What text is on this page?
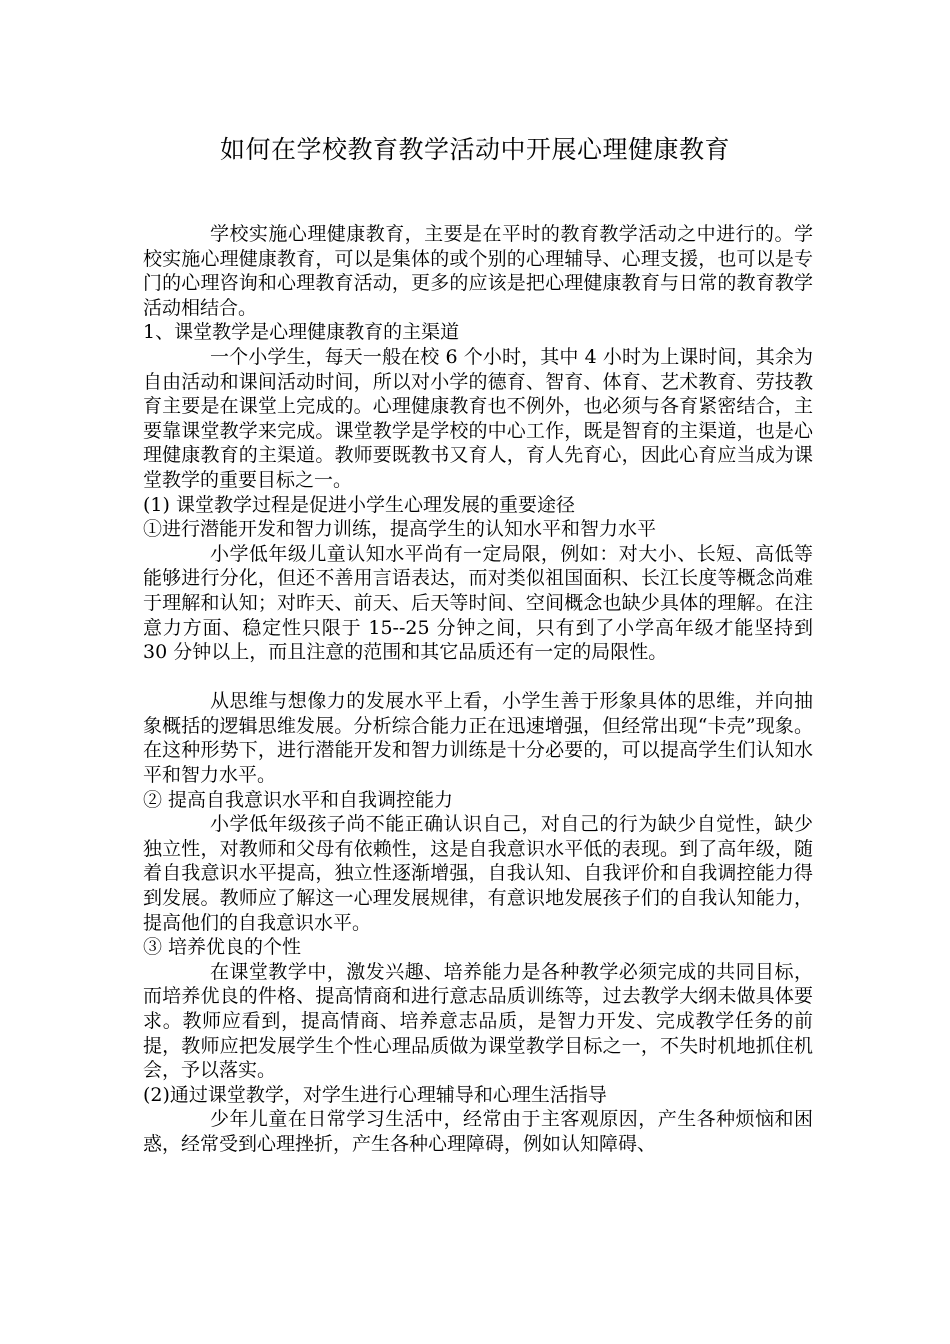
如何在学校教育教学活动中开展心理健康教育

学校实施心理健康教育，主要是在平时的教育教学活动之中进行的。学校实施心理健康教育，可以是集体的或个别的心理辅导、心理支援，也可以是专门的心理咨询和心理教育活动，更多的应该是把心理健康教育与日常的教育教学活动相结合。

1、课堂教学是心理健康教育的主渠道

一个小学生，每天一般在校 6 个小时，其中 4 小时为上课时间，其余为自由活动和课间活动时间，所以对小学的德育、智育、体育、艺术教育、劳技教育主要是在课堂上完成的。心理健康教育也不例外，也必须与各育紧密结合，主要靠课堂教学来完成。课堂教学是学校的中心工作，既是智育的主渠道，也是心理健康教育的主渠道。教师要既教书又育人，育人先育心，因此心育应当成为课堂教学的重要目标之一。

(1) 课堂教学过程是促进小学生心理发展的重要途径

①进行潜能开发和智力训练，提高学生的认知水平和智力水平

小学低年级儿童认知水平尚有一定局限，例如：对大小、长短、高低等能够进行分化，但还不善用言语表达，而对类似祖国面积、长江长度等概念尚难于理解和认知；对昨天、前天、后天等时间、空间概念也缺少具体的理解。在注意力方面、稳定性只限于 15--25 分钟之间，只有到了小学高年级才能坚持到 30 分钟以上，而且注意的范围和其它品质还有一定的局限性。

从思维与想像力的发展水平上看，小学生善于形象具体的思维，并向抽象概括的逻辑思维发展。分析综合能力正在迅速增强，但经常出现“卡壳”现象。在这种形势下，进行潜能开发和智力训练是十分必要的，可以提高学生们认知水平和智力水平。

② 提高自我意识水平和自我调控能力

小学低年级孩子尚不能正确认识自己，对自己的行为缺少自觉性，缺少独立性，对教师和父母有依赖性，这是自我意识水平低的表现。到了高年级，随着自我意识水平提高，独立性逐渐增强，自我认知、自我评价和自我调控能力得到发展。教师应了解这一心理发展规律，有意识地发展孩子们的自我认知能力，提高他们的自我意识水平。

③ 培养优良的个性

在课堂教学中，激发兴趣、培养能力是各种教学必须完成的共同目标，而培养优良的件格、提高情商和进行意志品质训练等，过去教学大纲未做具体要求。教师应看到，提高情商、培养意志品质，是智力开发、完成教学任务的前提，教师应把发展学生个性心理品质做为课堂教学目标之一，不失时机地抓住机会，予以落实。

(2)通过课堂教学，对学生进行心理辅导和心理生活指导

少年儿童在日常学习生活中，经常由于主客观原因，产生各种烦恼和困惑，经常受到心理挫折，产生各种心理障碍，例如认知障碍、
